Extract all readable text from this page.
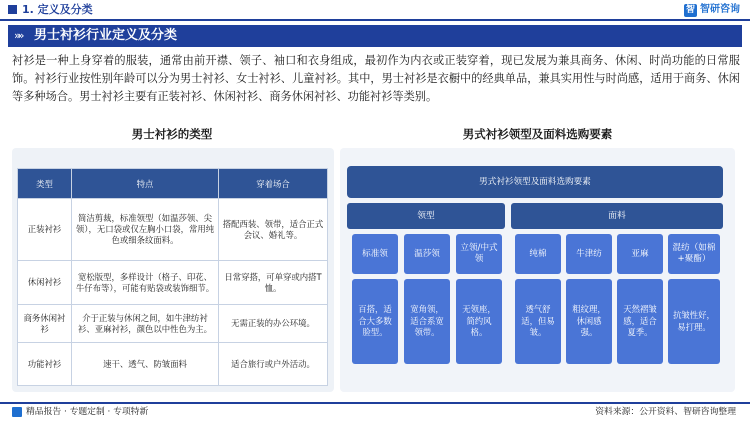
1. 定义及分类	智 智研咨询
»» 男士衬衫行业定义及分类
衬衫是一种上身穿着的服装，通常由前开襟、领子、袖口和衣身组成，最初作为内衣或正装穿着，现已发展为兼具商务、休闲、时尚功能的日常服饰。衬衫行业按性别年龄可以分为男士衬衫、女士衬衫、儿童衬衫。其中，男士衬衫是衣橱中的经典单品，兼具实用性与时尚感，适用于商务、休闲等多种场合。男士衬衫主要有正装衬衫、休闲衬衫、商务休闲衬衫、功能衬衫等类别。
男士衬衫的类型	男式衬衫领型及面料选购要素
类型	特点	穿着场合
正装衬衫	简洁剪裁，标准领型（如温莎领、尖领），无口袋或仅左胸小口袋，常用纯色或细条纹面料。	搭配西装、领带，适合正式会议、婚礼等。
休闲衬衫	宽松版型，多样设计（格子、印花、牛仔布等），可能有贴袋或装饰细节。	日常穿搭，可单穿或内搭T恤。
商务休闲衬衫	介于正装与休闲之间，如牛津纺衬衫、亚麻衬衫，颜色以中性色为主。	无需正装的办公环境。
功能衬衫	速干、透气、防皱面料	适合旅行或户外活动。
男式衬衫领型及面料选购要素
领型	面料
标准领	温莎领
立领/中式领
纯棉	牛津纺	亚麻
混纺（如棉+聚酯）
百搭，适合大多数脸型。
宽角领，适合系宽领带。
无领座，简约风格。
透气舒适，但易皱。
粗纹理，休闲感强。
天然褶皱感，适合夏季。
抗皱性好，易打理。
精品报告 · 专题定制 · 专项特新	资料来源：公开资料、智研咨询整理
